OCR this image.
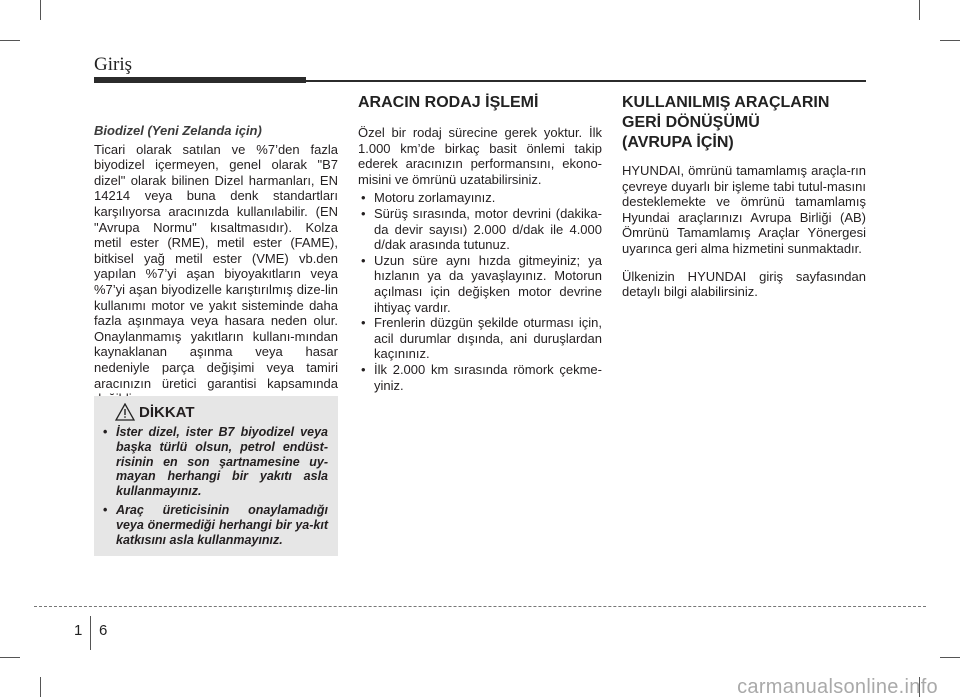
Giriş

Biodizel (Yeni Zelanda için)

Ticari olarak satılan ve %7’den fazla biyodizel içermeyen, genel olarak "B7 dizel" olarak bilinen Dizel harmanları, EN 14214 veya buna denk standartları karşılıyorsa aracınızda kullanılabilir. (EN "Avrupa Normu" kısaltmasıdır). Kolza metil ester (RME), metil ester (FAME), bitkisel yağ metil ester (VME) vb.den yapılan %7’yi aşan biyoyakıtların veya %7’yi aşan biyodizelle karıştırılmış dize-lin kullanımı motor ve yakıt sisteminde daha fazla aşınmaya veya hasara neden olur. Onaylanmamış yakıtların kullanı-mından kaynaklanan aşınma veya hasar nedeniyle parça değişimi veya tamiri aracınızın üretici garantisi kapsamında

DİKKAT
• İster dizel, ister B7 biyodizel veya başka türlü olsun, petrol endüst-risinin en son şartnamesine uy-mayan herhangi bir yakıtı asla kullanmayınız.
• Araç üreticisinin onaylamadığı veya önermediği herhangi bir ya-kıt katkısını asla kullanmayınız.
ARACIN RODAJ İŞLEMİ

Özel bir rodaj sürecine gerek yoktur. İlk 1.000 km’de birkaç basit önlemi takip ederek aracınızın performansını, ekono-misini ve ömrünü uzatabilirsiniz.

• Motoru zorlamayınız.
• Sürüş sırasında, motor devrini (dakika-da devir sayısı) 2.000 d/dak ile 4.000 d/dak arasında tutunuz.
• Uzun süre aynı hızda gitmeyiniz; ya hızlanın ya da yavaşlayınız. Motorun açılması için değişken motor devrine ihtiyaç vardır.
• Frenlerin düzgün şekilde oturması için, acil durumlar dışında, ani duruşlardan kaçınınız.
• İlk 2.000 km sırasında römork çekme-yiniz.
KULLANILMIŞ ARAÇLARIN
GERİ DÖNÜŞÜMÜ
(AVRUPA İÇİN)

HYUNDAI, ömrünü tamamlamış araçla-rın çevreye duyarlı bir işleme tabi tutul-masını desteklemekte ve ömrünü tamamlamış Hyundai araçlarınızı Avrupa Birliği (AB) Ömrünü Tamamlamış Araçlar Yönergesi uyarınca geri alma hizmetini sunmaktadır.

Ülkenizin HYUNDAI giriş sayfasından detaylı bilgi alabilirsiniz.

1 6
carmanualsonline.info
